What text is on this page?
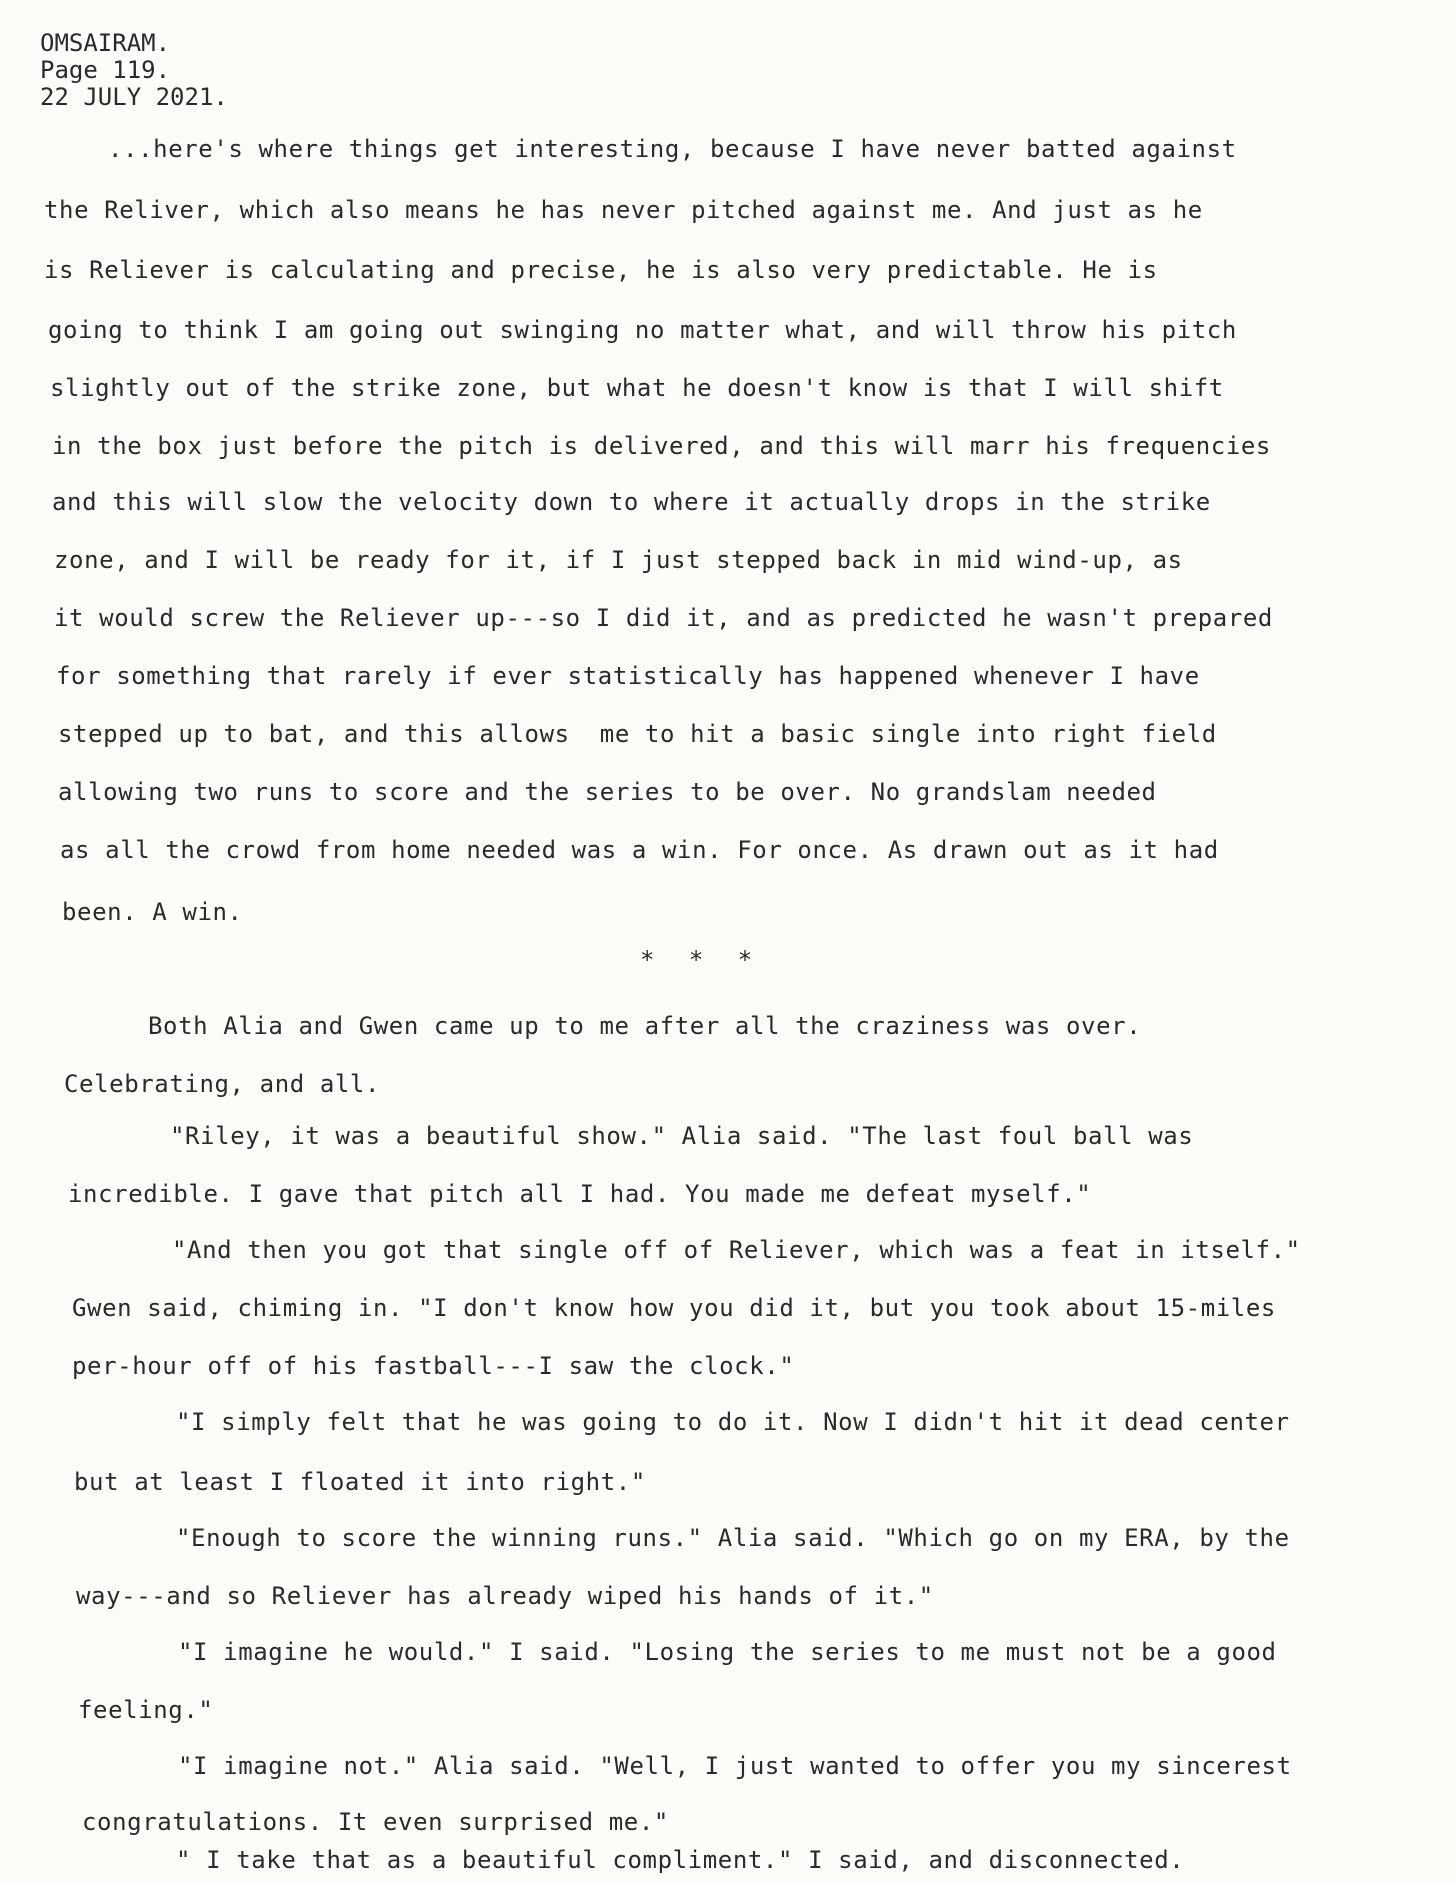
OMSAIRAM.
Page 119.
22 JULY 2021.
...here's where things get interesting, because I have never batted against
the Reliver, which also means he has never pitched against me. And just as he
is Reliever is calculating and precise, he is also very predictable. He is
going to think I am going out swinging no matter what, and will throw his pitch
slightly out of the strike zone, but what he doesn't know is that I will shift
in the box just before the pitch is delivered, and this will marr his frequencies
and this will slow the velocity down to where it actually drops in the strike
zone, and I will be ready for it, if I just stepped back in mid wind-up, as
it would screw the Reliever up---so I did it, and as predicted he wasn't prepared
for something that rarely if ever statistically has happened whenever I have
stepped up to bat, and this allows  me to hit a basic single into right field
allowing two runs to score and the series to be over. No grandslam needed
as all the crowd from home needed was a win. For once. As drawn out as it had
been. A win.
* * *
Both Alia and Gwen came up to me after all the craziness was over.
Celebrating, and all.
"Riley, it was a beautiful show." Alia said. "The last foul ball was
incredible. I gave that pitch all I had. You made me defeat myself."
"And then you got that single off of Reliever, which was a feat in itself."
Gwen said, chiming in. "I don't know how you did it, but you took about 15-miles
per-hour off of his fastball---I saw the clock."
"I simply felt that he was going to do it. Now I didn't hit it dead center
but at least I floated it into right."
"Enough to score the winning runs." Alia said. "Which go on my ERA, by the
way---and so Reliever has already wiped his hands of it."
"I imagine he would." I said. "Losing the series to me must not be a good
feeling."
"I imagine not." Alia said. "Well, I just wanted to offer you my sincerest
congratulations. It even surprised me."
" I take that as a beautiful compliment." I said, and disconnected.
